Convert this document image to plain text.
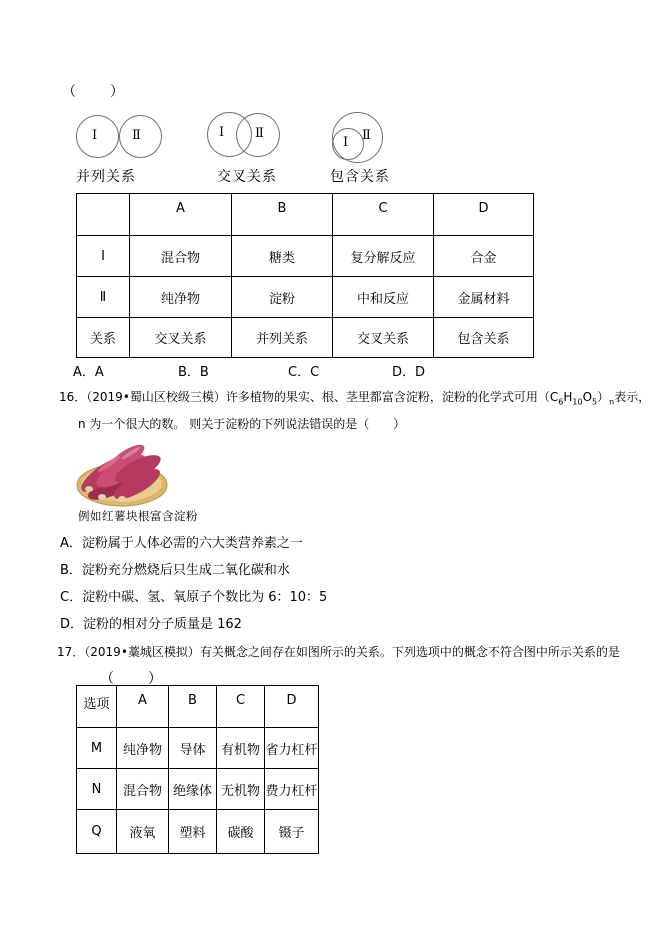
（　　）
Ⅰ	Ⅱ
并列关系
Ⅰ Ⅱ
交叉关系
Ⅰ Ⅱ
包含关系
	A	B	C	D
Ⅰ	混合物	糖类	复分解反应	合金
Ⅱ	纯净物	淀粉	中和反应	金属材料
关系	交叉关系	并列关系	交叉关系	包含关系
A．A	B．B	C．C	D．D
16．（2019•蜀山区校级三模）许多植物的果实、根、茎里都富含淀粉，淀粉的化学式可用$(C_6H_{10}O_5)_n$表示，
n 为一个很大的数。 则关于淀粉的下列说法错误的是（　　）
例如红薯块根富含淀粉
A．淀粉属于人体必需的六大类营养素之一
B．淀粉充分燃烧后只生成二氧化碳和水
C．淀粉中碳、氢、氧原子个数比为 6：10：5
D．淀粉的相对分子质量是 162
17．（2019•藁城区模拟）有关概念之间存在如图所示的关系。下列选项中的概念不符合图中所示关系的是
（　　）
选项	A	B	C	D
M	纯净物	导体	有机物	省力杠杆
N	混合物	绝缘体	无机物	费力杠杆
Q	液氧	塑料	碳酸	镊子
